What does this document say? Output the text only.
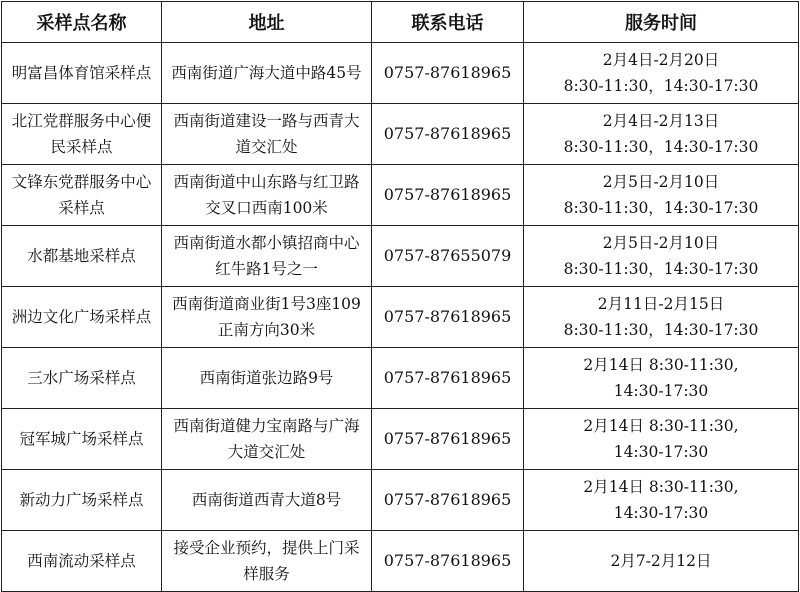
采样点名称	地址	联系电话	服务时间

明富昌体育馆采样点	西南街道广海大道中路45号	0757-87618965	2月4日-2月20日
8:30-11:30，14:30-17:30

北江党群服务中心便民采样点	西南街道建设一路与西青大道交汇处	0757-87618965	2月4日-2月13日
8:30-11:30，14:30-17:30

文锋东党群服务中心采样点	西南街道中山东路与红卫路交叉口西南100米	0757-87618965	2月5日-2月10日
8:30-11:30，14:30-17:30

水都基地采样点	西南街道水都小镇招商中心红牛路1号之一	0757-87655079	2月5日-2月10日
8:30-11:30，14:30-17:30

洲边文化广场采样点	西南街道商业街1号3座109正南方向30米	0757-87618965	2月11日-2月15日
8:30-11:30，14:30-17:30

三水广场采样点	西南街道张边路9号	0757-87618965	2月14日 8:30-11:30,
14:30-17:30

冠军城广场采样点	西南街道健力宝南路与广海大道交汇处	0757-87618965	2月14日 8:30-11:30,
14:30-17:30

新动力广场采样点	西南街道西青大道8号	0757-87618965	2月14日 8:30-11:30,
14:30-17:30

西南流动采样点	接受企业预约，提供上门采样服务	0757-87618965	2月7-2月12日
